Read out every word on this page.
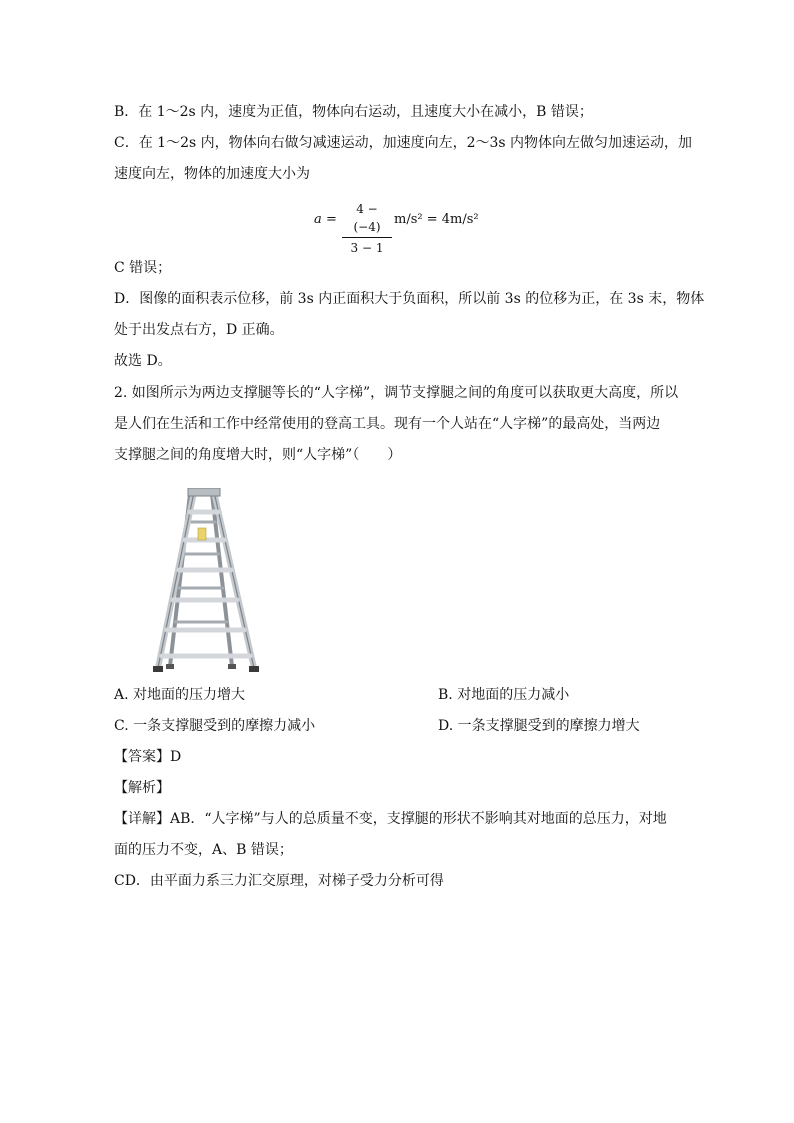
B．在 1～2s 内，速度为正值，物体向右运动，且速度大小在减小，B 错误；
C．在 1～2s 内，物体向右做匀减速运动，加速度向左，2～3s 内物体向左做匀加速运动，加
速度向左，物体的加速度大小为
a =
4 − (−4)
3 − 1
m/s² = 4m/s²
C 错误；
D．图像的面积表示位移，前 3s 内正面积大于负面积，所以前 3s 的位移为正，在 3s 末，物体
处于出发点右方，D 正确。
故选 D。
2. 如图所示为两边支撑腿等长的“人字梯”，调节支撑腿之间的角度可以获取更大高度，所以
是人们在生活和工作中经常使用的登高工具。现有一个人站在“人字梯”的最高处，当两边
支撑腿之间的角度增大时，则“人字梯”（　　）
A. 对地面的压力增大	B. 对地面的压力减小
C. 一条支撑腿受到的摩擦力减小	D. 一条支撑腿受到的摩擦力增大
【答案】D
【解析】
【详解】AB．“人字梯”与人的总质量不变，支撑腿的形状不影响其对地面的总压力，对地
面的压力不变，A、B 错误；
CD．由平面力系三力汇交原理，对梯子受力分析可得
